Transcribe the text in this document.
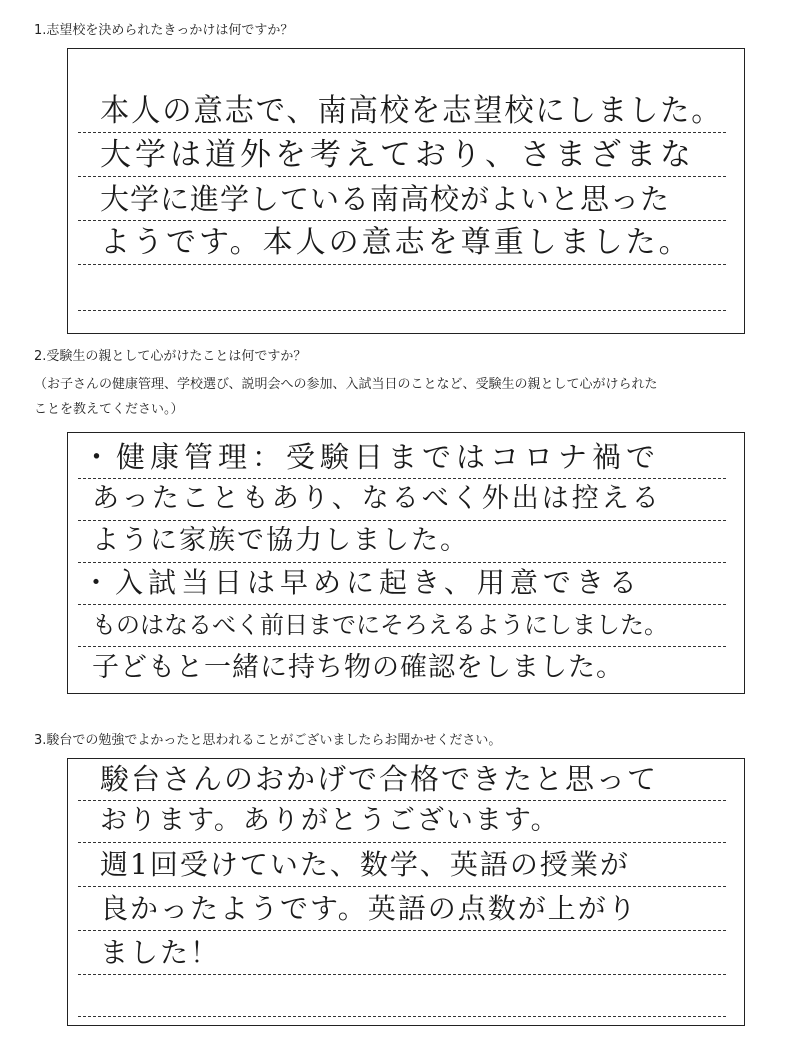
1.志望校を決められたきっかけは何ですか？
本人の意志で、南高校を志望校にしました。
大学は道外を考えており、さまざまな
大学に進学している南高校がよいと思った
ようです。本人の意志を尊重しました。
2.受験生の親として心がけたことは何ですか？
（お子さんの健康管理、学校選び、説明会への参加、入試当日のことなど、受験生の親として心がけられた
ことを教えてください。）
・健康管理：受験日まではコロナ禍で
あったこともあり、なるべく外出は控える
ように家族で協力しました。
・入試当日は早めに起き、用意できる
ものはなるべく前日までにそろえるようにしました。
子どもと一緒に持ち物の確認をしました。
3.駿台での勉強でよかったと思われることがございましたらお聞かせください。
駿台さんのおかげで合格できたと思って
おります。ありがとうございます。
週1回受けていた、数学、英語の授業が
良かったようです。英語の点数が上がり
ました！
